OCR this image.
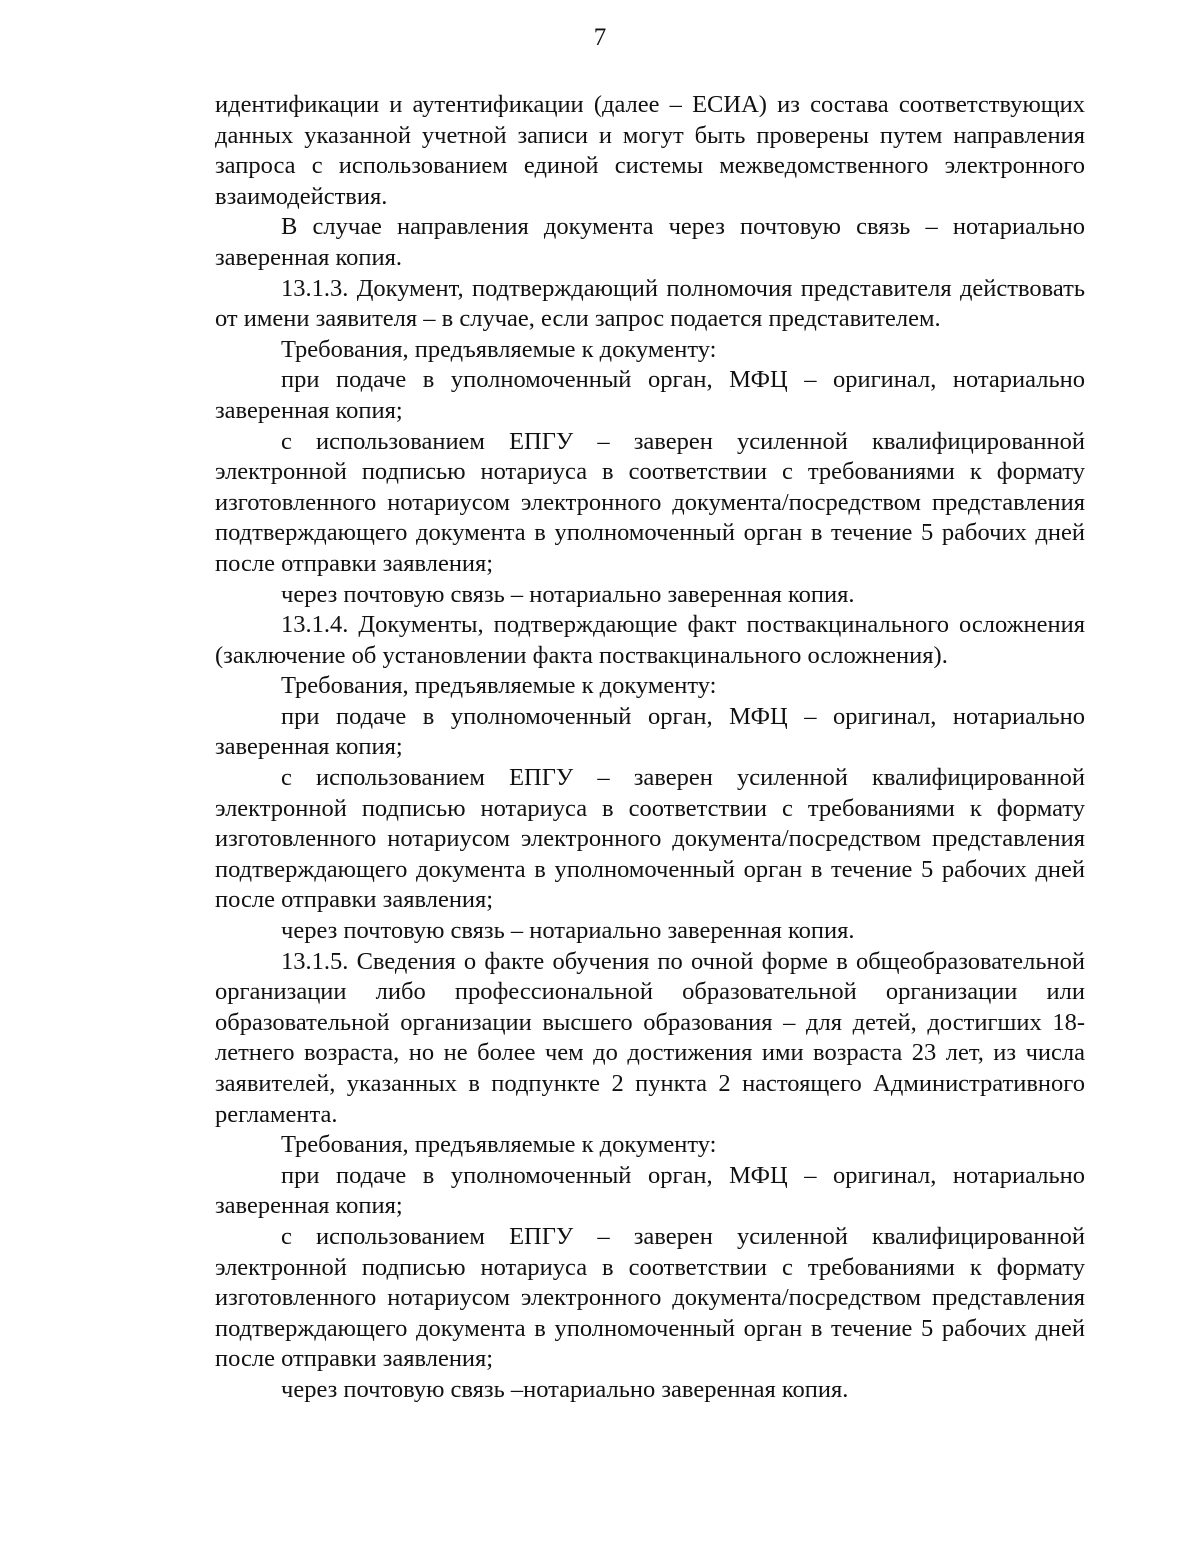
7

идентификации и аутентификации (далее – ЕСИА) из состава соответствующих данных указанной учетной записи и могут быть проверены путем направления запроса с использованием единой системы межведомственного электронного взаимодействия.

В случае направления документа через почтовую связь – нотариально заверенная копия.

13.1.3. Документ, подтверждающий полномочия представителя действовать от имени заявителя – в случае, если запрос подается представителем.

Требования, предъявляемые к документу:

при подаче в уполномоченный орган, МФЦ – оригинал, нотариально заверенная копия;

с использованием ЕПГУ – заверен усиленной квалифицированной электронной подписью нотариуса в соответствии с требованиями к формату изготовленного нотариусом электронного документа/посредством представления подтверждающего документа в уполномоченный орган в течение 5 рабочих дней после отправки заявления;

через почтовую связь – нотариально заверенная копия.

13.1.4. Документы, подтверждающие факт поствакцинального осложнения (заключение об установлении факта поствакцинального осложнения).

Требования, предъявляемые к документу:

при подаче в уполномоченный орган, МФЦ – оригинал, нотариально заверенная копия;

с использованием ЕПГУ – заверен усиленной квалифицированной электронной подписью нотариуса в соответствии с требованиями к формату изготовленного нотариусом электронного документа/посредством представления подтверждающего документа в уполномоченный орган в течение 5 рабочих дней после отправки заявления;

через почтовую связь – нотариально заверенная копия.

13.1.5. Сведения о факте обучения по очной форме в общеобразовательной организации либо профессиональной образовательной организации или образовательной организации высшего образования – для детей, достигших 18-летнего возраста, но не более чем до достижения ими возраста 23 лет, из числа заявителей, указанных в подпункте 2 пункта 2 настоящего Административного регламента.

Требования, предъявляемые к документу:

при подаче в уполномоченный орган, МФЦ – оригинал, нотариально заверенная копия;

с использованием ЕПГУ – заверен усиленной квалифицированной электронной подписью нотариуса в соответствии с требованиями к формату изготовленного нотариусом электронного документа/посредством представления подтверждающего документа в уполномоченный орган в течение 5 рабочих дней после отправки заявления;

через почтовую связь –нотариально заверенная копия.
